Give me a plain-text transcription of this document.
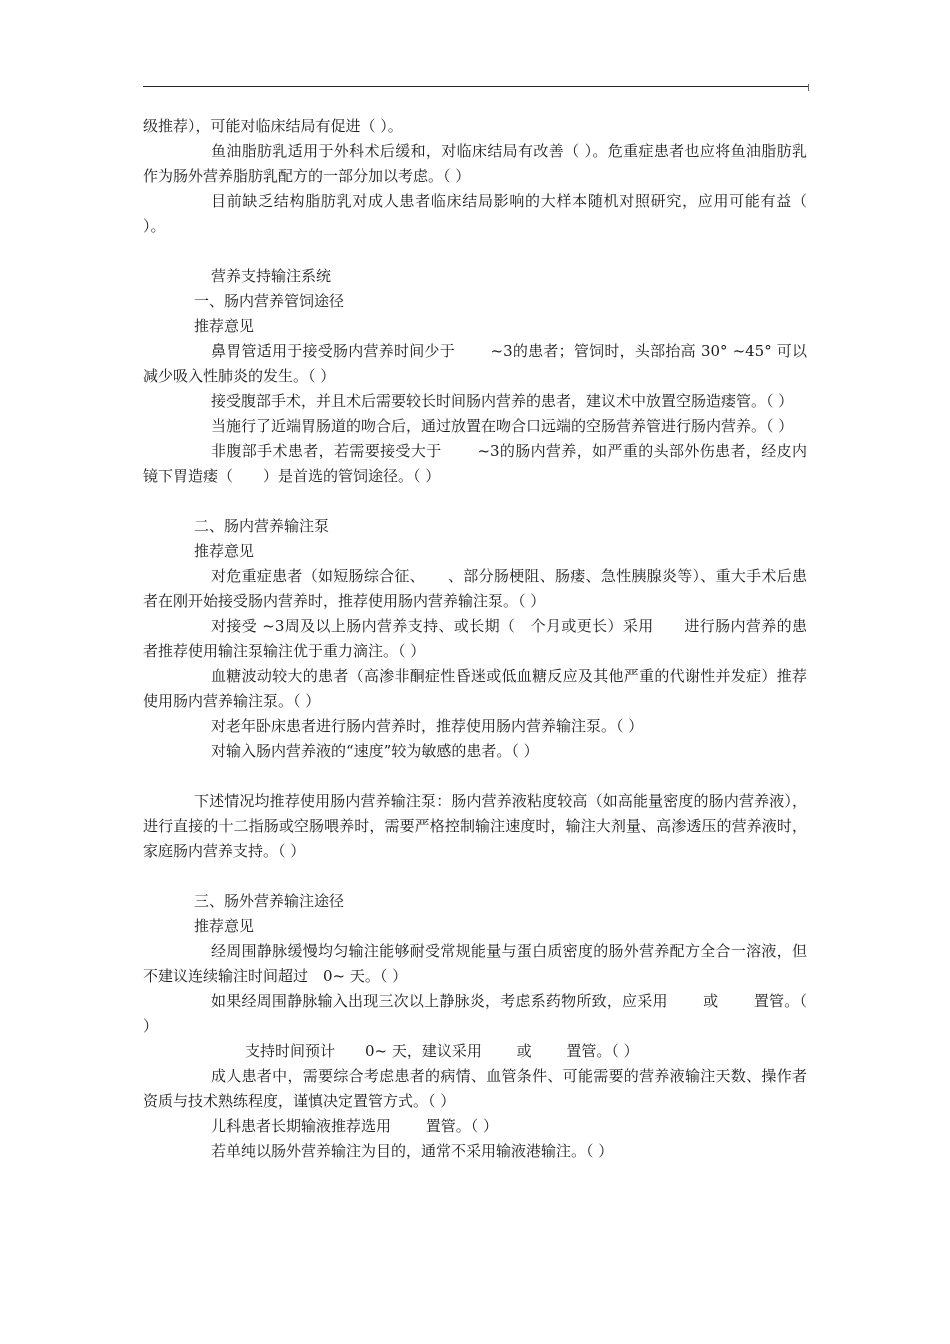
级推荐），可能对临床结局有促进（ ）。

鱼油脂肪乳适用于外科术后缓和，对临床结局有改善（ ）。危重症患者也应将鱼油脂肪乳作为肠外营养脂肪乳配方的一部分加以考虑。（ ）

目前缺乏结构脂肪乳对成人患者临床结局影响的大样本随机对照研究，应用可能有益（ ）。

营养支持输注系统

一、肠内营养管饲途径

推荐意见

鼻胃管适用于接受肠内营养时间少于　　 ~3的患者；管饲时，头部抬高 30° ~45° 可以减少吸入性肺炎的发生。（ ）

接受腹部手术，并且术后需要较长时间肠内营养的患者，建议术中放置空肠造瘘管。（ ）

当施行了近端胃肠道的吻合后，通过放置在吻合口远端的空肠营养管进行肠内营养。（ ）

非腹部手术患者，若需要接受大于　　 ~3的肠内营养，如严重的头部外伤患者，经皮内镜下胃造瘘（　　）是首选的管饲途径。（ ）

二、肠内营养输注泵

推荐意见

对危重症患者（如短肠综合征、　　、部分肠梗阻、肠瘘、急性胰腺炎等）、重大手术后患者在刚开始接受肠内营养时，推荐使用肠内营养输注泵。（ ）

对接受 ~3周及以上肠内营养支持、或长期（　个月或更长）采用　　进行肠内营养的患者推荐使用输注泵输注优于重力滴注。（ ）

血糖波动较大的患者（高渗非酮症性昏迷或低血糖反应及其他严重的代谢性并发症）推荐使用肠内营养输注泵。（ ）

对老年卧床患者进行肠内营养时，推荐使用肠内营养输注泵。（ ）

对输入肠内营养液的“速度”较为敏感的患者。（ ）

下述情况均推荐使用肠内营养输注泵：肠内营养液粘度较高（如高能量密度的肠内营养液），进行直接的十二指肠或空肠喂养时，需要严格控制输注速度时，输注大剂量、高渗透压的营养液时，家庭肠内营养支持。（ ）

三、肠外营养输注途径

推荐意见

经周围静脉缓慢均匀输注能够耐受常规能量与蛋白质密度的肠外营养配方全合一溶液，但不建议连续输注时间超过　0~ 天。（ ）

如果经周围静脉输入出现三次以上静脉炎，考虑系药物所致，应采用　　 或　　 置管。（ ）

支持时间预计　　0~ 天，建议采用　　 或　　 置管。（ ）

成人患者中，需要综合考虑患者的病情、血管条件、可能需要的营养液输注天数、操作者资质与技术熟练程度，谨慎决定置管方式。（ ）

儿科患者长期输液推荐选用　　 置管。（ ）

若单纯以肠外营养输注为目的，通常不采用输液港输注。（ ）
